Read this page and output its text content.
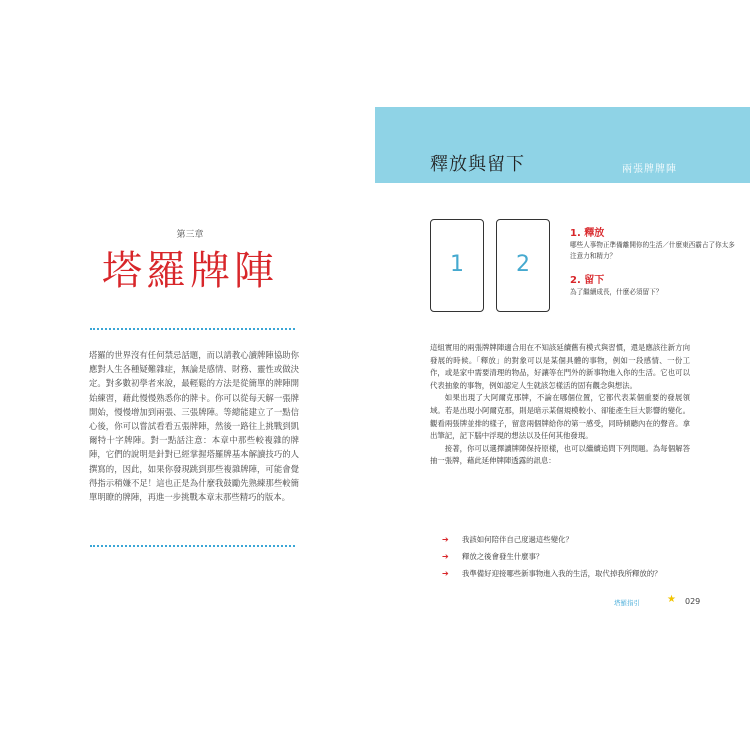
第三章
塔羅牌陣

塔羅的世界沒有任何禁忌話題，而以請教心讀牌陣協助你應對人生各種疑難雜症，無論是感情、財務、靈性或做決定。對多數初學者來說，最輕鬆的方法是從簡單的牌陣開始練習，藉此慢慢熟悉你的牌卡。你可以從每天解一張牌開始，慢慢增加到兩張、三張牌陣。等總能建立了一點信心後，你可以嘗試看看五張牌陣，然後一路往上挑戰到凱爾特十字牌陣。對一點話注意：本章中那些較複雜的牌陣，它們的說明是針對已經掌握塔羅牌基本解讀技巧的人撰寫的，因此，如果你發現跳到那些複雜牌陣，可能會覺得指示稍嫌不足！這也正是為什麼我鼓勵先熟練那些較簡單明瞭的牌陣，再進一步挑戰本章末那些精巧的版本。

釋放與留下	兩張牌牌陣
1	2
1. 釋放
哪些人事物正準備離開你的生活／什麼東西霸占了你太多注意力和精力？
2. 留下
為了繼續成長，什麼必須留下？

這組實用的兩張牌牌陣適合用在不知該延續舊有模式與習慣，還是應該往新方向發展的時候。「釋放」的對象可以是某個具體的事物，例如一段感情、一份工作，或是家中需要清理的物品，好讓等在門外的新事物進入你的生活。它也可以代表抽象的事物，例如認定人生就該怎樣活的固有觀念與想法。

如果出現了大阿爾克那牌，不論在哪個位置，它都代表某個重要的發展領域。若是出現小阿爾克那，則是暗示某個規模較小、卻能產生巨大影響的變化。觀看兩張牌並排的樣子，留意兩個牌給你的第一感受，同時傾聽內在的聲音。拿出筆記，記下腦中浮現的想法以及任何其他發現。

接著，你可以選擇讀牌陣保持原樣，也可以繼續追問下列問題。為每個解答抽一張牌，藉此延伸牌陣透露的訊息：

➔	我該如何陪伴自己度過這些變化？
➔	釋放之後會發生什麼事？
➔	我準備好迎接哪些新事物進入我的生活，取代掉我所釋放的？
塔羅指引	★ 029
